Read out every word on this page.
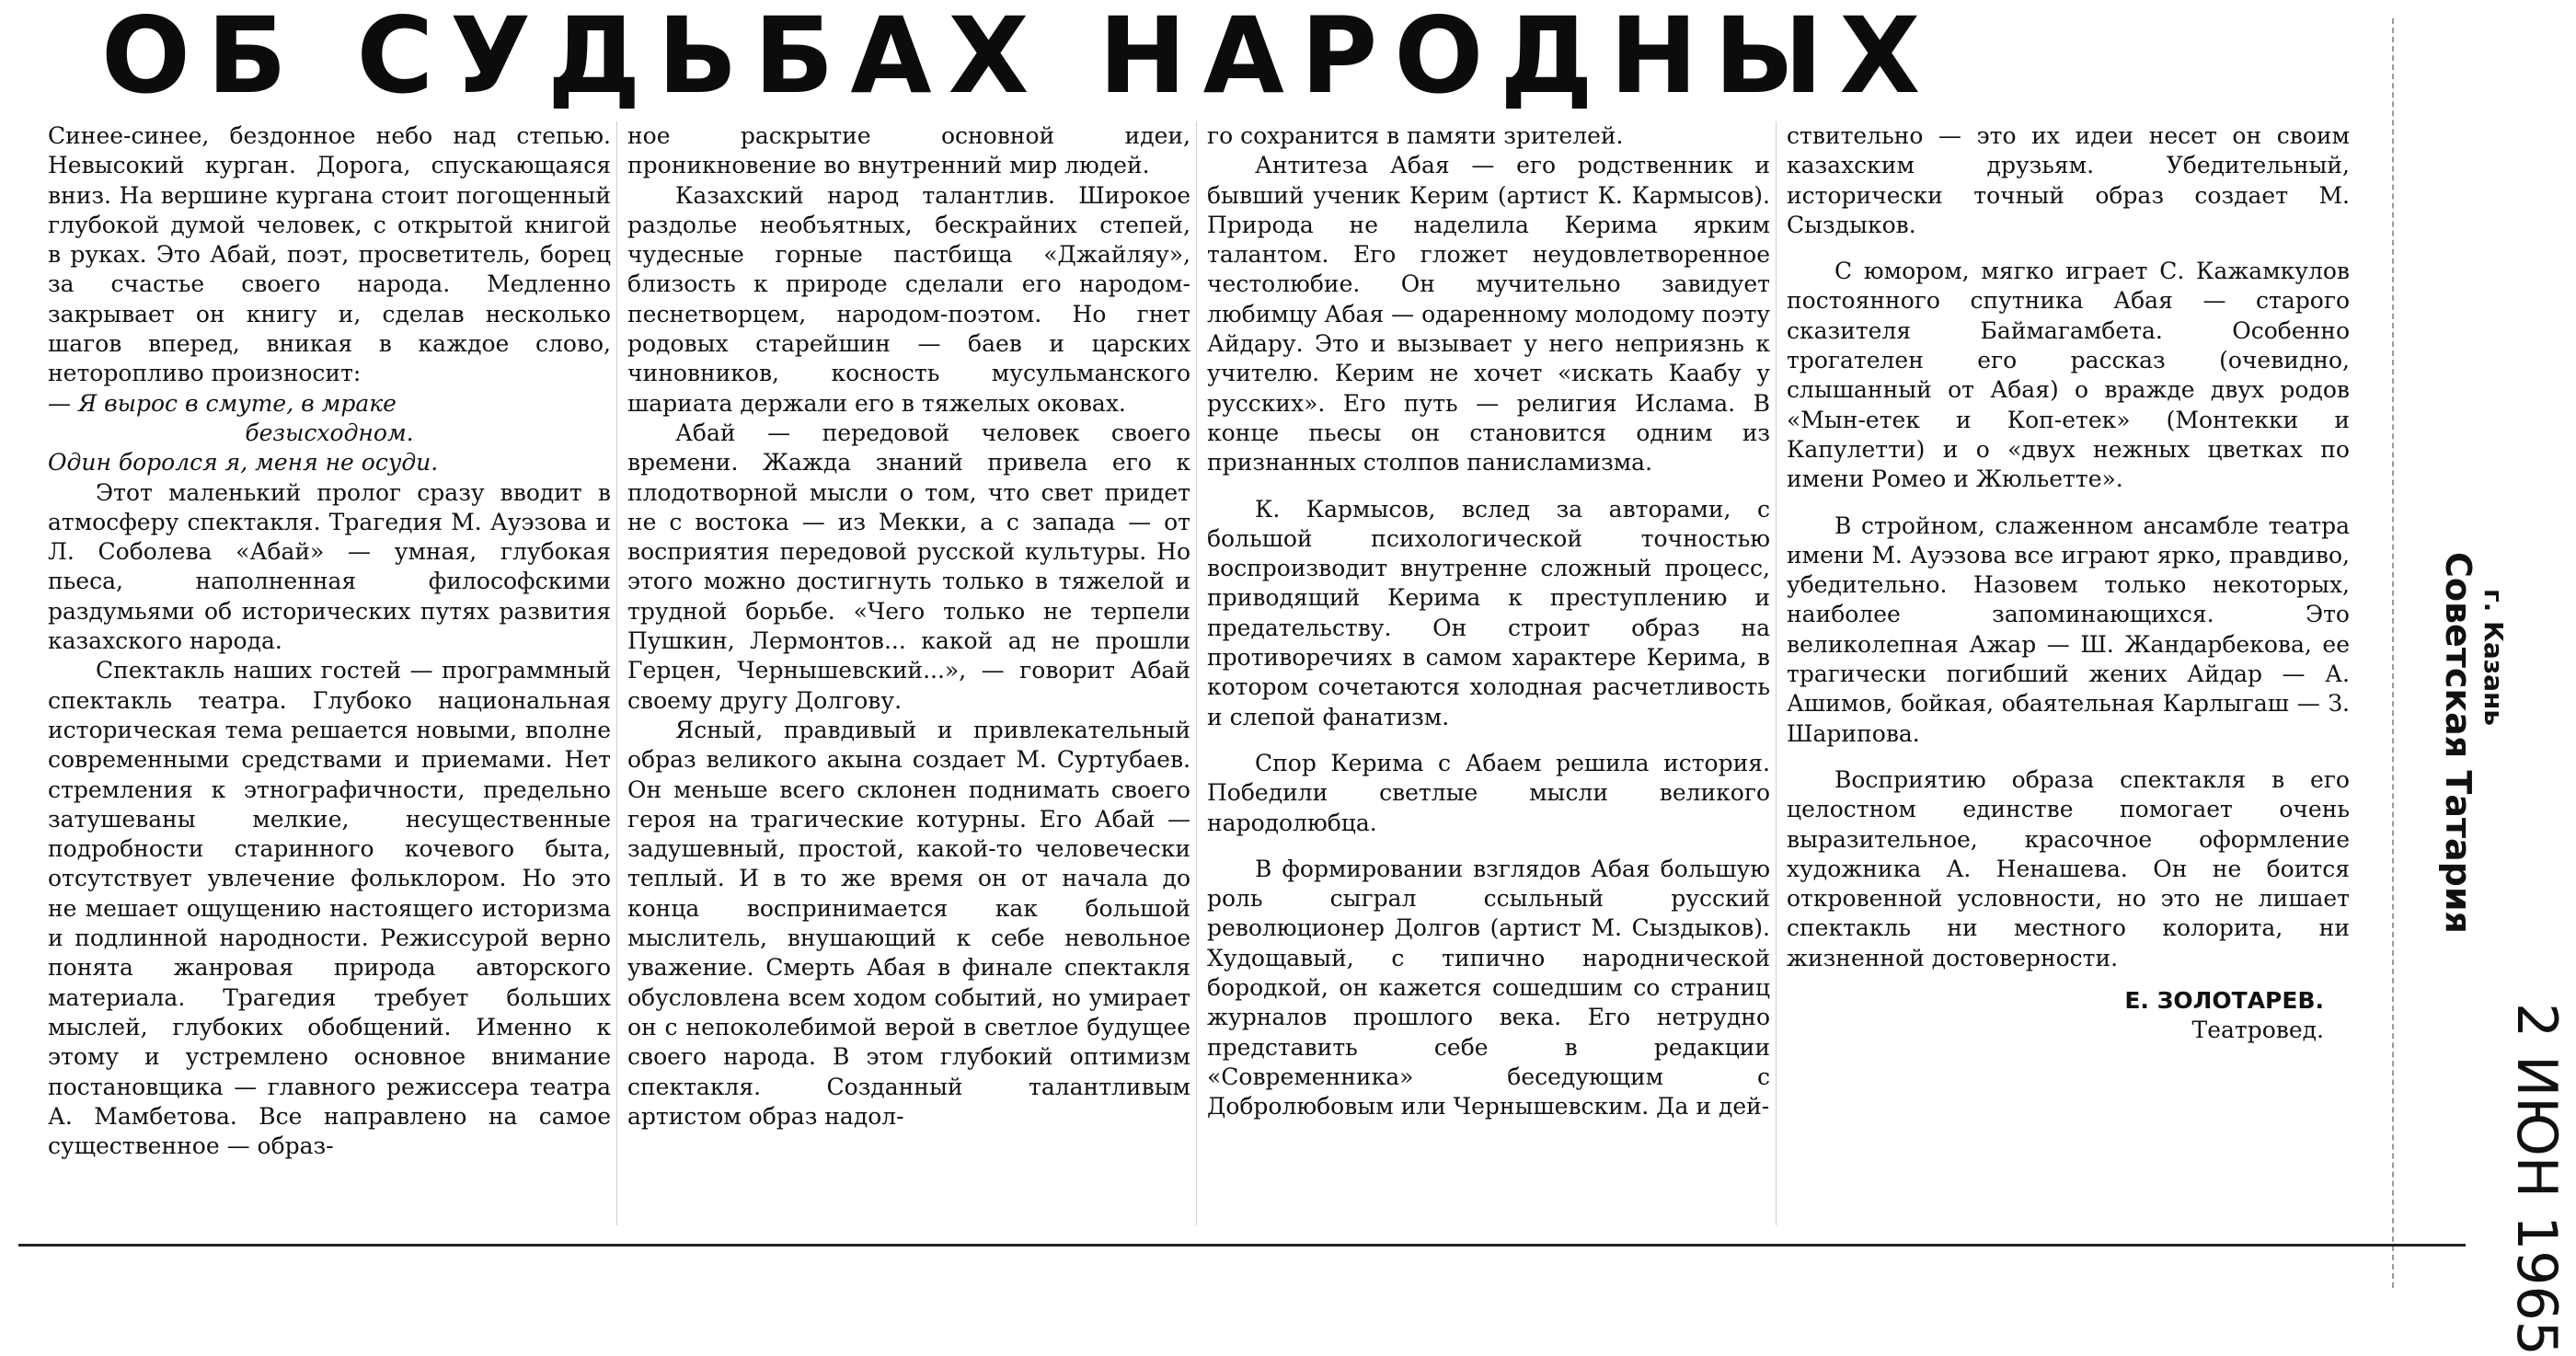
ОБ СУДЬБАХ НАРОДНЫХ

Синее-синее, бездонное небо над степью. Невысокий курган. Дорога, спускающаяся вниз. На вершине кургана стоит погощенный глубокой думой человек, с открытой книгой в руках. Это Абай, поэт, просветитель, борец за счастье своего народа. Медленно закрывает он книгу и, сделав несколько шагов вперед, вникая в каждое слово, неторопливо произносит:

— Я вырос в смуте, в мраке

безысходном.

Один боролся я, меня не осуди.

Этот маленький пролог сразу вводит в атмосферу спектакля. Трагедия М. Ауэзова и Л. Соболева «Абай» — умная, глубокая пьеса, наполненная философскими раздумьями об исторических путях развития казахского народа.

Спектакль наших гостей — программный спектакль театра. Глубоко национальная историческая тема решается новыми, вполне современными средствами и приемами. Нет стремления к этнографичности, предельно затушеваны мелкие, несущественные подробности старинного кочевого быта, отсутствует увлечение фольклором. Но это не мешает ощущению настоящего историзма и подлинной народности. Режиссурой верно понята жанровая природа авторского материала. Трагедия требует больших мыслей, глубоких обобщений. Именно к этому и устремлено основное внимание постановщика — главного режиссера театра А. Мамбетова. Все направлено на самое существенное — образ-

ное раскрытие основной идеи, проникновение во внутренний мир людей.

Казахский народ талантлив. Широкое раздолье необъятных, бескрайних степей, чудесные горные пастбища «Джайляу», близость к природе сделали его народом-песнетворцем, народом-поэтом. Но гнет родовых старейшин — баев и царских чиновников, косность мусульманского шариата держали его в тяжелых оковах.

Абай — передовой человек своего времени. Жажда знаний привела его к плодотворной мысли о том, что свет придет не с востока — из Мекки, а с запада — от восприятия передовой русской культуры. Но этого можно достигнуть только в тяжелой и трудной борьбе. «Чего только не терпели Пушкин, Лермонтов... какой ад не прошли Герцен, Чернышевский...», — говорит Абай своему другу Долгову.

Ясный, правдивый и привлекательный образ великого акына создает М. Суртубаев. Он меньше всего склонен поднимать своего героя на трагические котурны. Его Абай — задушевный, простой, какой-то человечески теплый. И в то же время он от начала до конца воспринимается как большой мыслитель, внушающий к себе невольное уважение. Смерть Абая в финале спектакля обусловлена всем ходом событий, но умирает он с непоколебимой верой в светлое будущее своего народа. В этом глубокий оптимизм спектакля. Созданный талантливым артистом образ надол-

го сохранится в памяти зрителей.

Антитеза Абая — его родственник и бывший ученик Керим (артист К. Кармысов). Природа не наделила Керима ярким талантом. Его гложет неудовлетворенное честолюбие. Он мучительно завидует любимцу Абая — одаренному молодому поэту Айдару. Это и вызывает у него неприязнь к учителю. Керим не хочет «искать Каабу у русских». Его путь — религия Ислама. В конце пьесы он становится одним из признанных столпов панисламизма.

К. Кармысов, вслед за авторами, с большой психологической точностью воспроизводит внутренне сложный процесс, приводящий Керима к преступлению и предательству. Он строит образ на противоречиях в самом характере Керима, в котором сочетаются холодная расчетливость и слепой фанатизм.

Спор Керима с Абаем решила история. Победили светлые мысли великого народолюбца.

В формировании взглядов Абая большую роль сыграл ссыльный русский революционер Долгов (артист М. Сыздыков). Худощавый, с типично народнической бородкой, он кажется сошедшим со страниц журналов прошлого века. Его нетрудно представить себе в редакции «Современника» беседующим с Добролюбовым или Чернышевским. Да и дей-

ствительно — это их идеи несет он своим казахским друзьям. Убедительный, исторически точный образ создает М. Сыздыков.

С юмором, мягко играет С. Кажамкулов постоянного спутника Абая — старого сказителя Баймагамбета. Особенно трогателен его рассказ (очевидно, слышанный от Абая) о вражде двух родов «Мын-етек и Коп-етек» (Монтекки и Капулетти) и о «двух нежных цветках по имени Ромео и Жюльетте».

В стройном, слаженном ансамбле театра имени М. Ауэзова все играют ярко, правдиво, убедительно. Назовем только некоторых, наиболее запоминающихся. Это великолепная Ажар — Ш. Жандарбекова, ее трагически погибший жених Айдар — А. Ашимов, бойкая, обаятельная Карлыгаш — З. Шарипова.

Восприятию образа спектакля в его целостном единстве помогает очень выразительное, красочное оформление художника А. Ненашева. Он не боится откровенной условности, но это не лишает спектакль ни местного колорита, ни жизненной достоверности.

Е. ЗОЛОТАРЕВ.

Театровед.

Советская Татария г. Казань
2 ИЮН 1965
